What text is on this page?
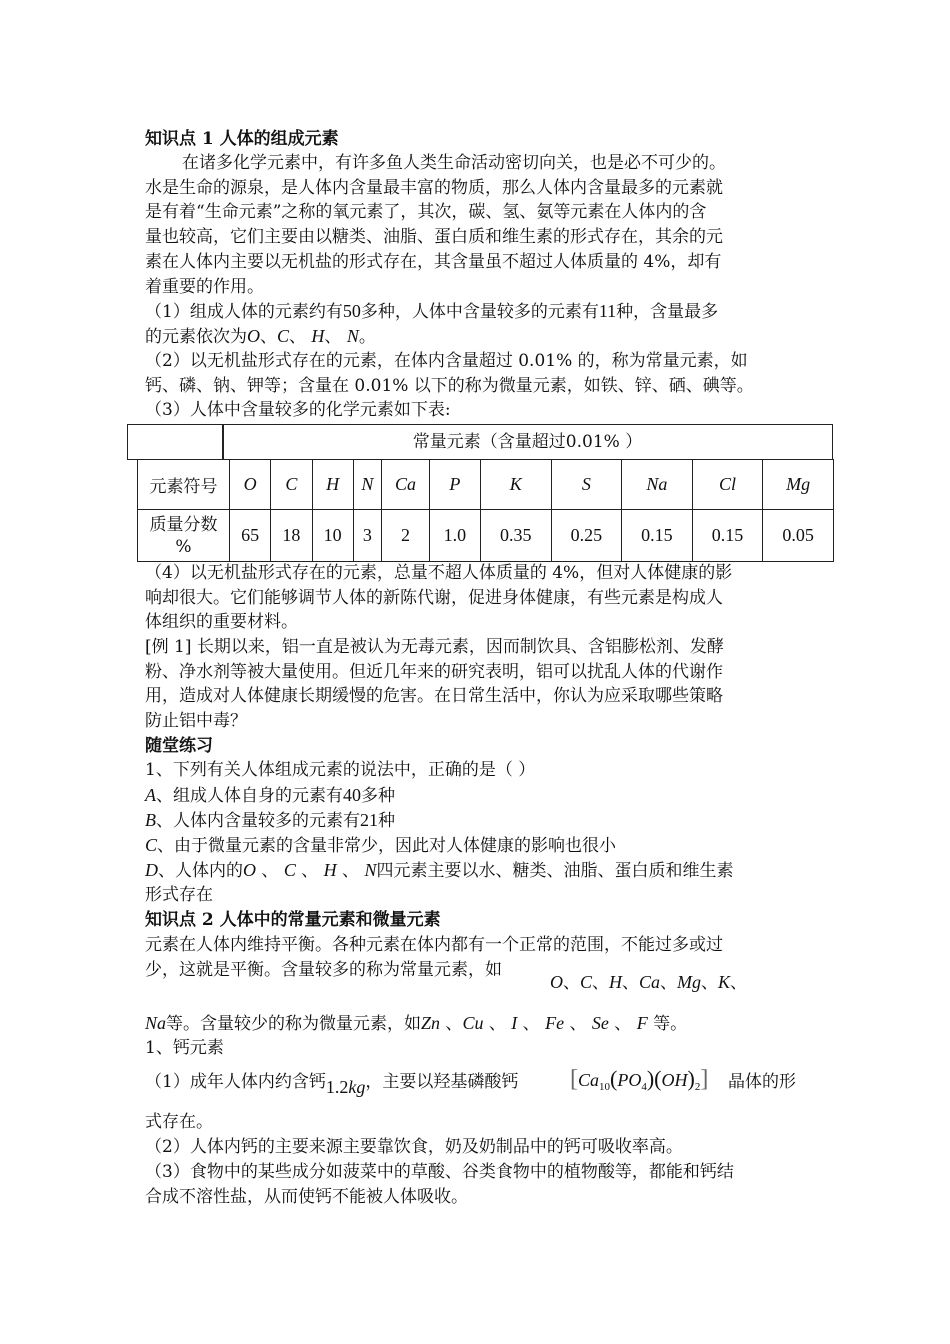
知识点 1 人体的组成元素
在诸多化学元素中，有许多鱼人类生命活动密切向关，也是必不可少的。
水是生命的源泉，是人体内含量最丰富的物质，那么人体内含量最多的元素就
是有着“生命元素”之称的氧元素了，其次，碳、氢、氨等元素在人体内的含
量也较高，它们主要由以糖类、油脂、蛋白质和维生素的形式存在，其余的元
素在人体内主要以无机盐的形式存在，其含量虽不超过人体质量的 4%，却有
着重要的作用。
（1）组成人体的元素约有50多种，人体中含量较多的元素有11种，含量最多
的元素依次为O、C、 H、 N。
（2）以无机盐形式存在的元素，在体内含量超过 0.01% 的，称为常量元素，如
钙、磷、钠、钾等；含量在 0.01% 以下的称为微量元素，如铁、锌、硒、碘等。
（3）人体中含量较多的化学元素如下表:
常量元素（含量超过0.01% ）
元素符号	O	C	H	N	Ca	P	K	S	Na	Cl	Mg

质量分数
%	65	18	10	3	2	1.0	0.35	0.25	0.15	0.15	0.05
（4）以无机盐形式存在的元素，总量不超人体质量的 4%，但对人体健康的影
响却很大。它们能够调节人体的新陈代谢，促进身体健康，有些元素是构成人
体组织的重要材料。
[例 1] 长期以来，铝一直是被认为无毒元素，因而制饮具、含铝膨松剂、发酵
粉、净水剂等被大量使用。但近几年来的研究表明，铝可以扰乱人体的代谢作
用，造成对人体健康长期缓慢的危害。在日常生活中，你认为应采取哪些策略
防止铝中毒？
随堂练习
1、下列有关人体组成元素的说法中，正确的是（ ）
A、组成人体自身的元素有40多种
B、人体内含量较多的元素有21种
C、由于微量元素的含量非常少，因此对人体健康的影响也很小
D、人体内的O 、 C 、 H 、 N四元素主要以水、糖类、油脂、蛋白质和维生素
形式存在
知识点 2 人体中的常量元素和微量元素
元素在人体内维持平衡。各种元素在体内都有一个正常的范围，不能过多或过
少，这就是平衡。含量较多的称为常量元素，如
O、C、H、Ca、Mg、K、
Na等。含量较少的称为微量元素，如Zn 、Cu 、 I 、 Fe 、 Se 、 F 等。
1、钙元素
（1）成年人体内约含钙1.2kg，主要以羟基磷酸钙 $[Ca_{10}(PO_4)(OH)_2]$ 晶体的形
式存在。
（2）人体内钙的主要来源主要靠饮食，奶及奶制品中的钙可吸收率高。
（3）食物中的某些成分如菠菜中的草酸、谷类食物中的植物酸等，都能和钙结
合成不溶性盐，从而使钙不能被人体吸收。
